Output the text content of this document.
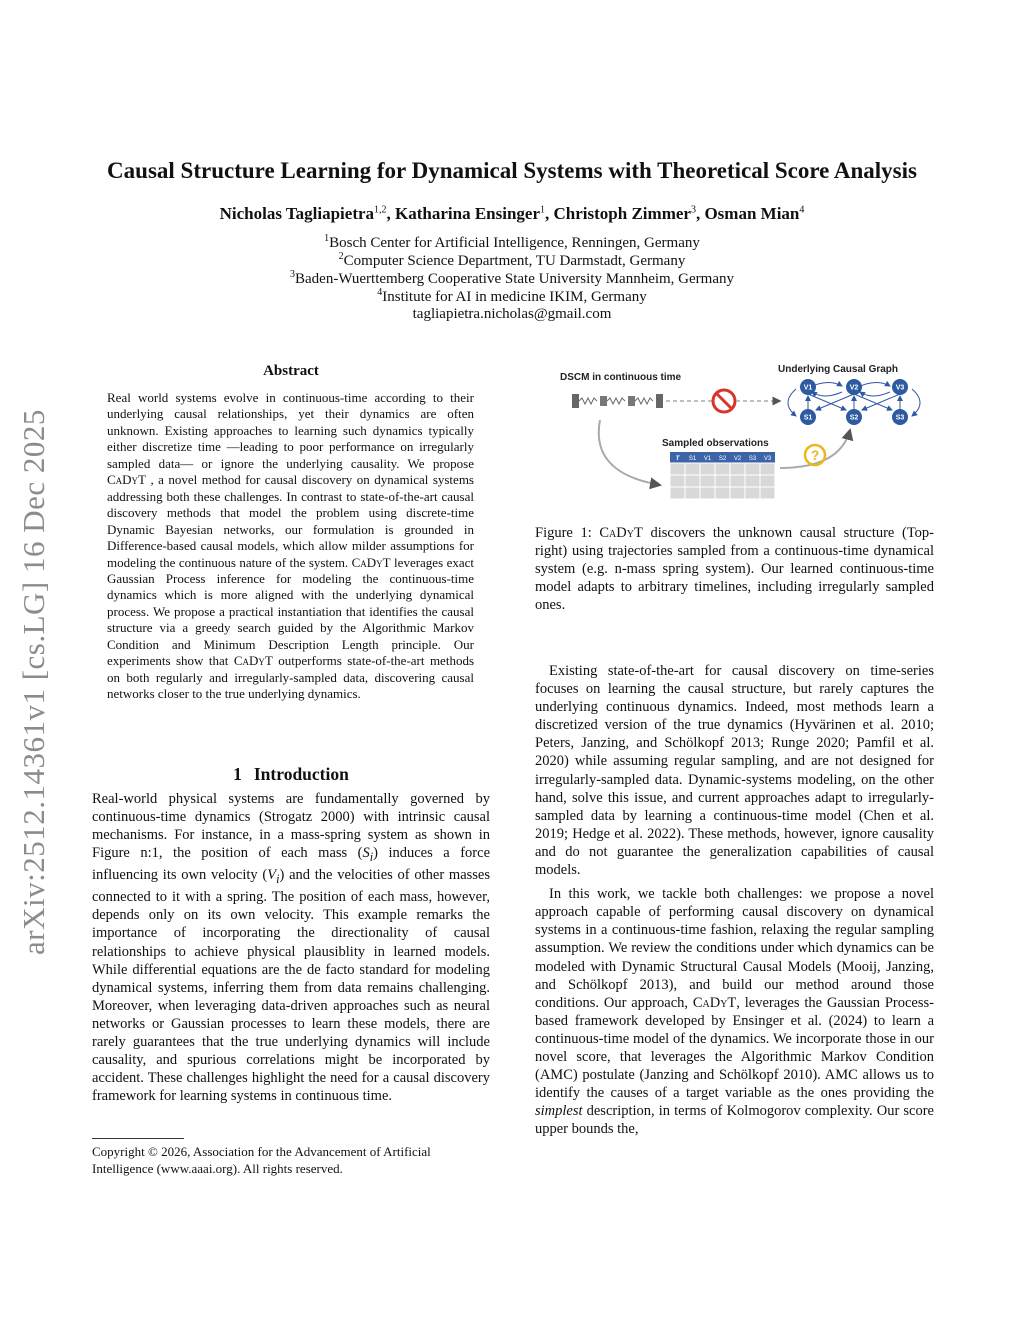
arXiv:2512.14361v1 [cs.LG] 16 Dec 2025
Causal Structure Learning for Dynamical Systems with Theoretical Score Analysis
Nicholas Tagliapietra$^{1,2}$, Katharina Ensinger$^1$, Christoph Zimmer$^3$, Osman Mian$^4$
$^1$Bosch Center for Artificial Intelligence, Renningen, Germany
$^2$Computer Science Department, TU Darmstadt, Germany
$^3$Baden-Wuerttemberg Cooperative State University Mannheim, Germany
$^4$Institute for AI in medicine IKIM, Germany
tagliapietra.nicholas@gmail.com
Abstract
Real world systems evolve in continuous-time according to their underlying causal relationships, yet their dynamics are often unknown. Existing approaches to learning such dynamics typically either discretize time —leading to poor performance on irregularly sampled data— or ignore the underlying causality. We propose CaDyT , a novel method for causal discovery on dynamical systems addressing both these challenges. In contrast to state-of-the-art causal discovery methods that model the problem using discrete-time Dynamic Bayesian networks, our formulation is grounded in Difference-based causal models, which allow milder assumptions for modeling the continuous nature of the system. CaDyT leverages exact Gaussian Process inference for modeling the continuous-time dynamics which is more aligned with the underlying dynamical process. We propose a practical instantiation that identifies the causal structure via a greedy search guided by the Algorithmic Markov Condition and Minimum Description Length principle. Our experiments show that CaDyT outperforms state-of-the-art methods on both regularly and irregularly-sampled data, discovering causal networks closer to the true underlying dynamics.
1 Introduction

Real-world physical systems are fundamentally governed by continuous-time dynamics (Strogatz 2000) with intrinsic causal mechanisms. For instance, in a mass-spring system as shown in Figure n:1, the position of each mass $(S_i)$ induces a force influencing its own velocity $(V_i)$ and the velocities of other masses connected to it with a spring. The position of each mass, however, depends only on its own velocity. This example remarks the importance of incorporating the directionality of causal relationships to achieve physical plausiblity in learned models. While differential equations are the de facto standard for modeling dynamical systems, inferring them from data remains challenging. Moreover, when leveraging data-driven approaches such as neural networks or Gaussian processes to learn these models, there are rarely guarantees that the true underlying dynamics will include causality, and spurious correlations might be incorporated by accident. These challenges highlight the need for a causal discovery framework for learning systems in continuous time.

Copyright © 2026, Association for the Advancement of Artificial Intelligence (www.aaai.org). All rights reserved.
DSCM in continuous time
Underlying Causal Graph
Sampled observations
V1	V2	V3
S1	S2	S3
?
T S1 V1 S2 V2 S3 V3
Figure 1: CaDyT discovers the unknown causal structure (Top-right) using trajectories sampled from a continuous-time dynamical system (e.g. n-mass spring system). Our learned continuous-time model adapts to arbitrary timelines, including irregularly sampled ones.

Existing state-of-the-art for causal discovery on time-series focuses on learning the causal structure, but rarely captures the underlying continuous dynamics. Indeed, most methods learn a discretized version of the true dynamics (Hyvärinen et al. 2010; Peters, Janzing, and Schölkopf 2013; Runge 2020; Pamfil et al. 2020) while assuming regular sampling, and are not designed for irregularly-sampled data. Dynamic-systems modeling, on the other hand, solve this issue, and current approaches adapt to irregularly-sampled data by learning a continuous-time model (Chen et al. 2019; Hedge et al. 2022). These methods, however, ignore causality and do not guarantee the generalization capabilities of causal models.

In this work, we tackle both challenges: we propose a novel approach capable of performing causal discovery on dynamical systems in a continuous-time fashion, relaxing the regular sampling assumption. We review the conditions under which dynamics can be modeled with Dynamic Structural Causal Models (Mooij, Janzing, and Schölkopf 2013), and build our method around those conditions. Our approach, CaDyT, leverages the Gaussian Process-based framework developed by Ensinger et al. (2024) to learn a continuous-time model of the dynamics. We incorporate those in our novel score, that leverages the Algorithmic Markov Condition (AMC) postulate (Janzing and Schölkopf 2010). AMC allows us to identify the causes of a target variable as the ones providing the simplest description, in terms of Kolmogorov complexity. Our score upper bounds the,
